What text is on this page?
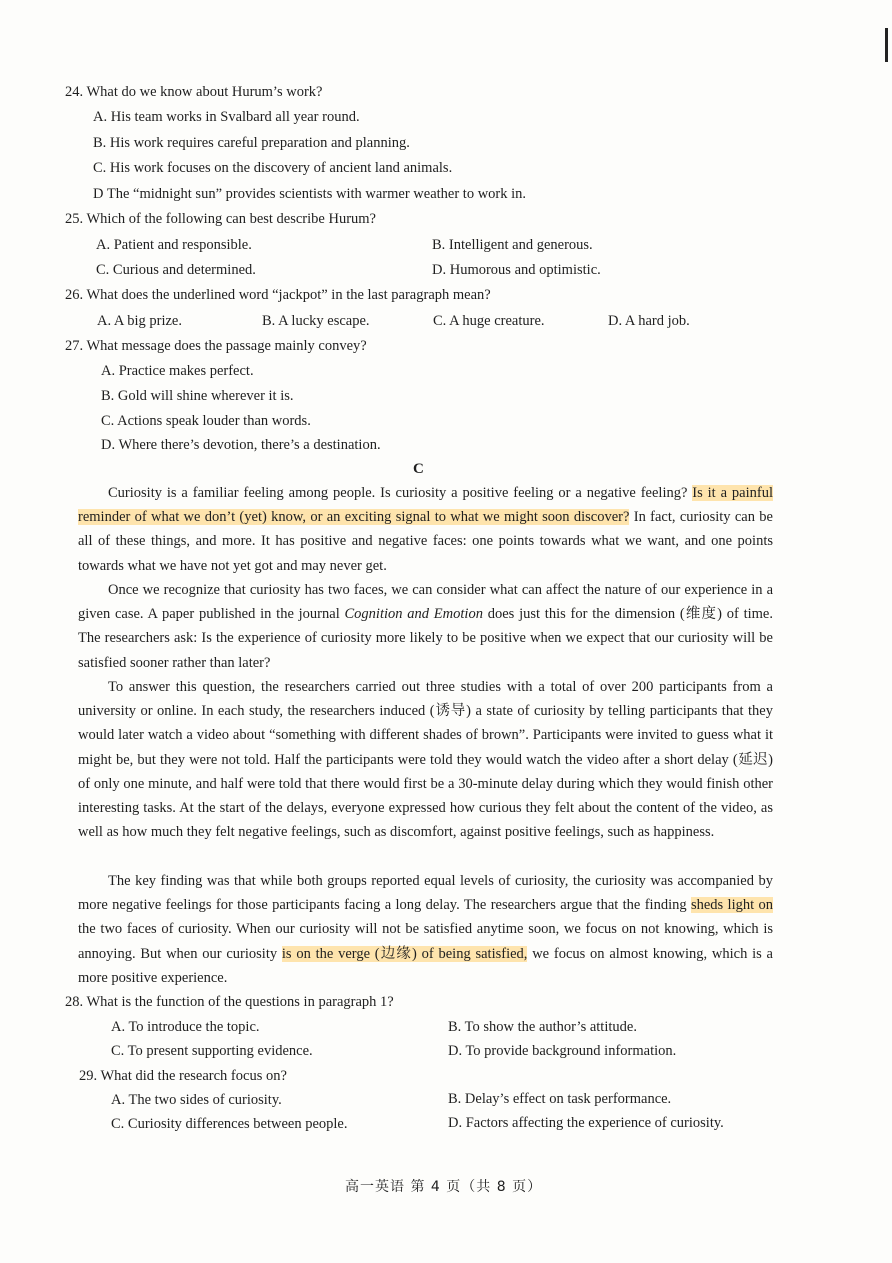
24. What do we know about Hurum’s work?
A. His team works in Svalbard all year round.
B. His work requires careful preparation and planning.
C. His work focuses on the discovery of ancient land animals.
D The “midnight sun” provides scientists with warmer weather to work in.
25. Which of the following can best describe Hurum?
A. Patient and responsible.	B. Intelligent and generous.
C. Curious and determined.	D. Humorous and optimistic.
26. What does the underlined word “jackpot” in the last paragraph mean?
A. A big prize.	B. A lucky escape.	C. A huge creature.	D. A hard job.
27. What message does the passage mainly convey?
A. Practice makes perfect.
B. Gold will shine wherever it is.
C. Actions speak louder than words.
D. Where there’s devotion, there’s a destination.
C
Curiosity is a familiar feeling among people. Is curiosity a positive feeling or a negative feeling? Is it a painful reminder of what we don’t (yet) know, or an exciting signal to what we might soon discover? In fact, curiosity can be all of these things, and more. It has positive and negative faces: one points towards what we want, and one points towards what we have not yet got and may never get.
Once we recognize that curiosity has two faces, we can consider what can affect the nature of our experience in a given case. A paper published in the journal Cognition and Emotion does just this for the dimension (维度) of time. The researchers ask: Is the experience of curiosity more likely to be positive when we expect that our curiosity will be satisfied sooner rather than later?
To answer this question, the researchers carried out three studies with a total of over 200 participants from a university or online. In each study, the researchers induced (诱导) a state of curiosity by telling participants that they would later watch a video about “something with different shades of brown”. Participants were invited to guess what it might be, but they were not told. Half the participants were told they would watch the video after a short delay (延迟) of only one minute, and half were told that there would first be a 30-minute delay during which they would finish other interesting tasks. At the start of the delays, everyone expressed how curious they felt about the content of the video, as well as how much they felt negative feelings, such as discomfort, against positive feelings, such as happiness.
The key finding was that while both groups reported equal levels of curiosity, the curiosity was accompanied by more negative feelings for those participants facing a long delay. The researchers argue that the finding sheds light on the two faces of curiosity. When our curiosity will not be satisfied anytime soon, we focus on not knowing, which is annoying. But when our curiosity is on the verge (边缘) of being satisfied, we focus on almost knowing, which is a more positive experience.
28. What is the function of the questions in paragraph 1?
A. To introduce the topic.	B. To show the author’s attitude.
C. To present supporting evidence.	D. To provide background information.
29. What did the research focus on?
A. The two sides of curiosity.	B. Delay’s effect on task performance.
C. Curiosity differences between people.	D. Factors affecting the experience of curiosity.
高一英语 第 4 页（共 8 页）
